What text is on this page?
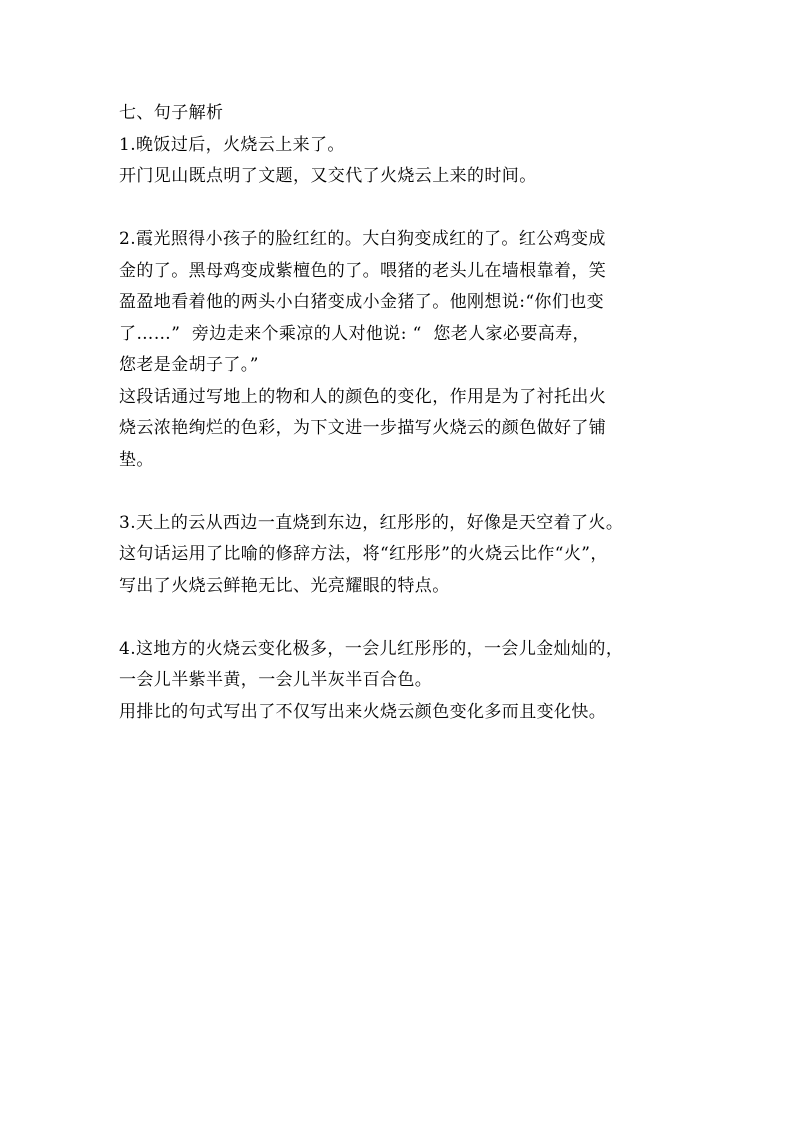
七、句子解析

1.晚饭过后，火烧云上来了。

开门见山既点明了文题，又交代了火烧云上来的时间。

2.霞光照得小孩子的脸红红的。大白狗变成红的了。红公鸡变成

金的了。黑母鸡变成紫檀色的了。喂猪的老头儿在墙根靠着，笑

盈盈地看着他的两头小白猪变成小金猪了。他刚想说:“你们也变

了……”  旁边走来个乘凉的人对他说: “  您老人家必要高寿，

您老是金胡子了。”

这段话通过写地上的物和人的颜色的变化，作用是为了衬托出火

烧云浓艳绚烂的色彩，为下文进一步描写火烧云的颜色做好了铺

垫。

3.天上的云从西边一直烧到东边，红彤彤的，好像是天空着了火。

这句话运用了比喻的修辞方法，将“红彤彤”的火烧云比作“火”，

写出了火烧云鲜艳无比、光亮耀眼的特点。

4.这地方的火烧云变化极多，一会儿红彤彤的，一会儿金灿灿的，

一会儿半紫半黄，一会儿半灰半百合色。

用排比的句式写出了不仅写出来火烧云颜色变化多而且变化快。
